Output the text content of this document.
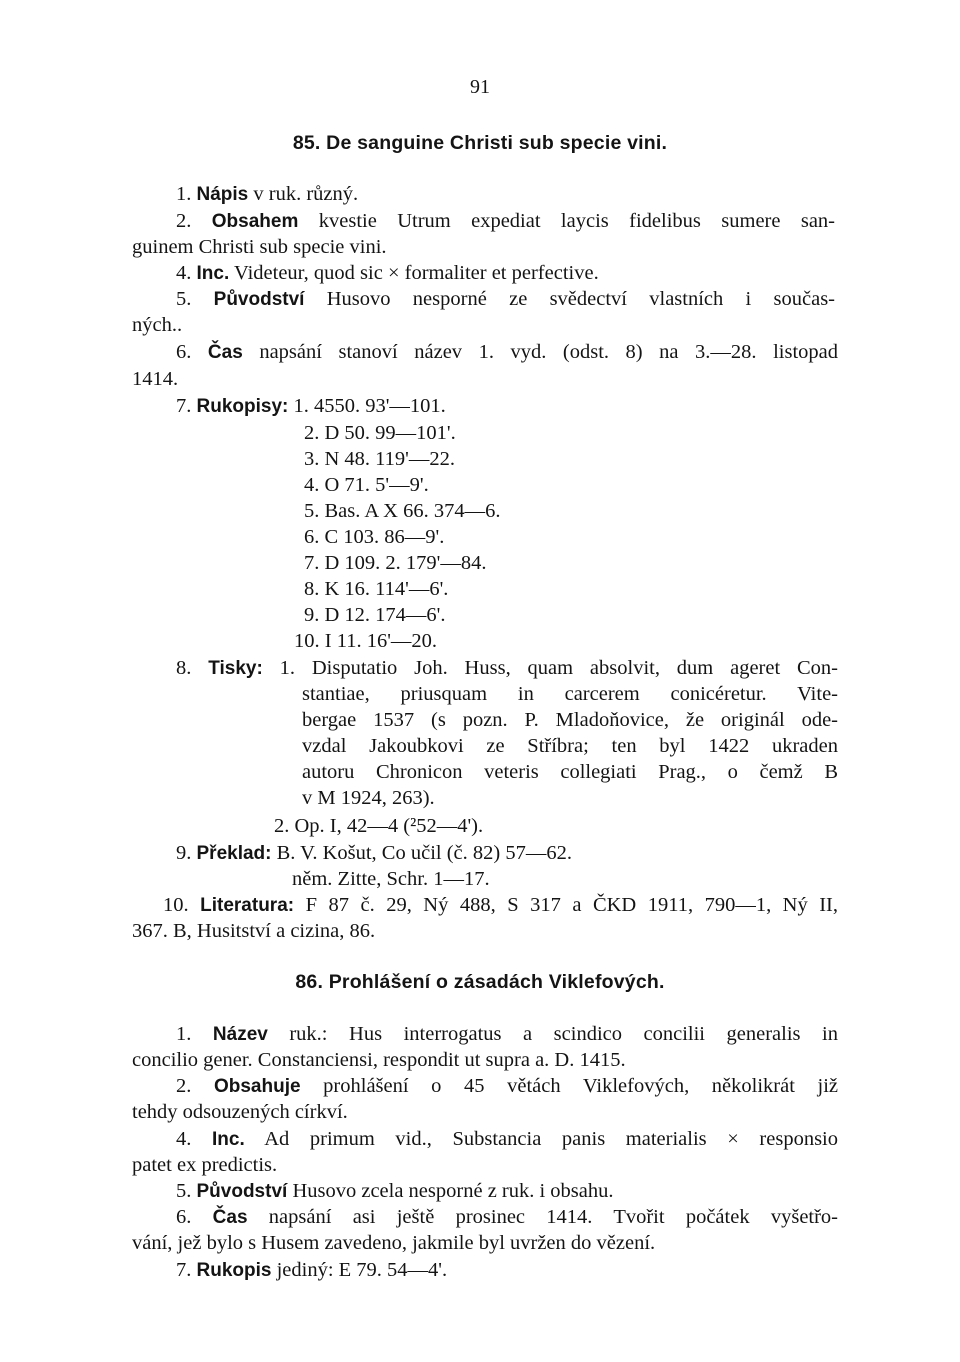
91
85. De sanguine Christi sub specie vini.
1. Nápis v ruk. různý.
2. Obsahem kvestie Utrum expediat laycis fidelibus sumere san-
guinem Christi sub specie vini.
4. Inc. Videteur, quod sic × formaliter et perfective.
5. Původství Husovo nesporné ze svědectví vlastních i součas-
ných..
6. Čas napsání stanoví název 1. vyd. (odst. 8) na 3.—28. listopad
1414.
7. Rukopisy: 1. 4550. 93'—101.
2. D 50. 99—101'.
3. N 48. 119'—22.
4. O 71. 5'—9'.
5. Bas. A X 66. 374—6.
6. C 103. 86—9'.
7. D 109. 2. 179'—84.
8. K 16. 114'—6'.
9. D 12. 174—6'.
10. I 11. 16'—20.
8. Tisky: 1. Disputatio Joh. Huss, quam absolvit, dum ageret Con-
stantiae, priusquam in carcerem conicéretur. Vite-
bergae 1537 (s pozn. P. Mladoňovice, že originál ode-
vzdal Jakoubkovi ze Stříbra; ten byl 1422 ukraden
autoru Chronicon veteris collegiati Prag., o čemž B
v M 1924, 263).
2. Op. I, 42—4 (²52—4').
9. Překlad: B. V. Košut, Co učil (č. 82) 57—62.
něm. Zitte, Schr. 1—17.
10. Literatura: F 87 č. 29, Ný 488, S 317 a ČKD 1911, 790—1, Ný II,
367. B, Husitství a cizina, 86.
86. Prohlášení o zásadách Viklefových.
1. Název ruk.: Hus interrogatus a scindico concilii generalis in
concilio gener. Constanciensi, respondit ut supra a. D. 1415.
2. Obsahuje prohlášení o 45 větách Viklefových, několikrát již
tehdy odsouzených církví.
4. Inc. Ad primum vid., Substancia panis materialis × responsio
patet ex predictis.
5. Původství Husovo zcela nesporné z ruk. i obsahu.
6. Čas napsání asi ještě prosinec 1414. Tvořit počátek vyšetřo-
vání, jež bylo s Husem zavedeno, jakmile byl uvržen do vězení.
7. Rukopis jediný: E 79. 54—4'.
